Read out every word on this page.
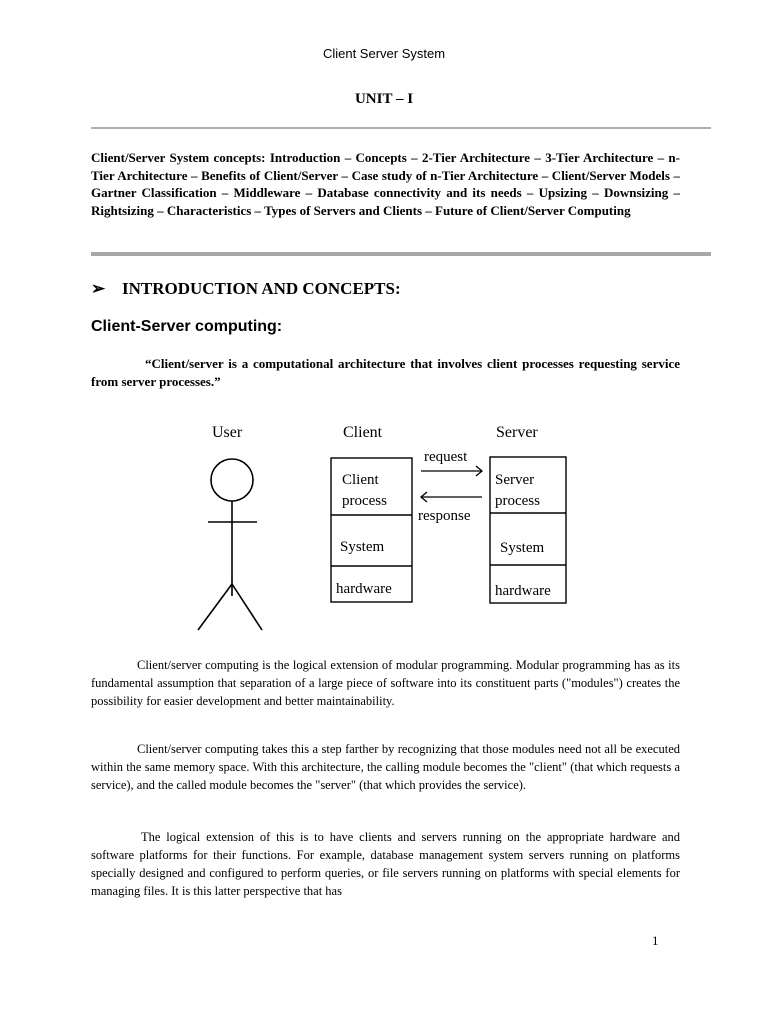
Client Server System
UNIT – I
Client/Server System concepts: Introduction – Concepts – 2-Tier Architecture – 3-Tier Architecture – n-Tier Architecture – Benefits of Client/Server – Case study of n-Tier Architecture – Client/Server Models – Gartner Classification – Middleware – Database connectivity and its needs – Upsizing – Downsizing – Rightsizing – Characteristics – Types of Servers and Clients – Future of Client/Server Computing
➢ INTRODUCTION AND CONCEPTS:
Client-Server computing:
“Client/server is a computational architecture that involves client processes requesting service from server processes.”
User	Client	Server
Client
process
System
hardware
Server
process
System
hardware
request
response
Client/server computing is the logical extension of modular programming. Modular programming has as its fundamental assumption that separation of a large piece of software into its constituent parts ("modules") creates the possibility for easier development and better maintainability.
Client/server computing takes this a step farther by recognizing that those modules need not all be executed within the same memory space. With this architecture, the calling module becomes the "client" (that which requests a service), and the called module becomes the "server" (that which provides the service).
The logical extension of this is to have clients and servers running on the appropriate hardware and software platforms for their functions. For example, database management system servers running on platforms specially designed and configured to perform queries, or file servers running on platforms with special elements for managing files. It is this latter perspective that has
1
